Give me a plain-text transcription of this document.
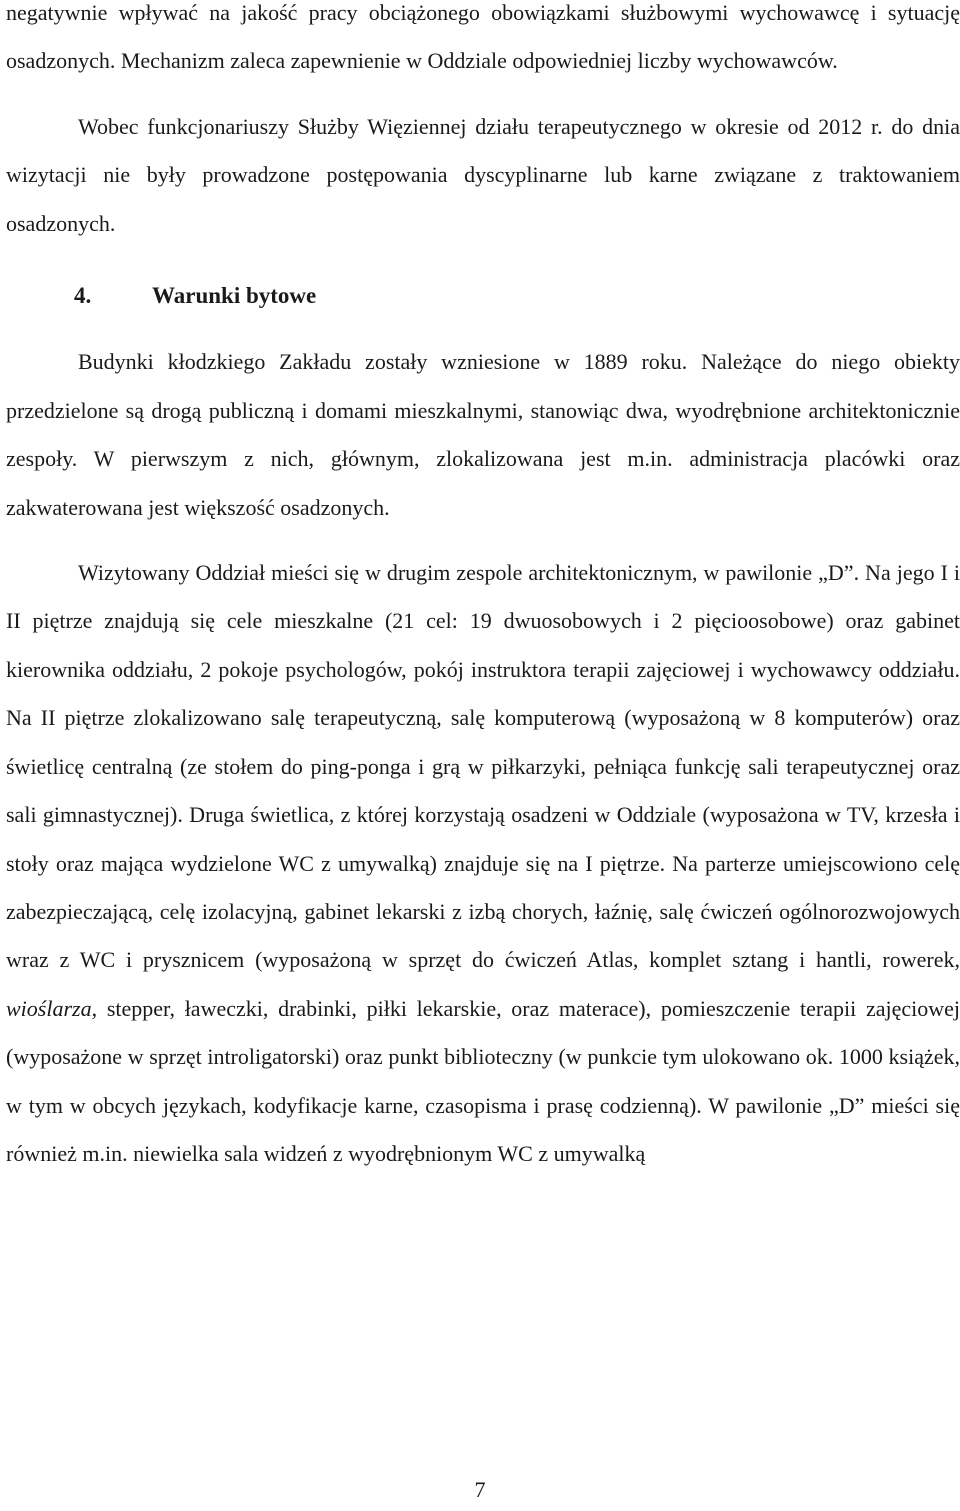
negatywnie wpływać na jakość pracy obciążonego obowiązkami służbowymi wychowawcę i sytuację osadzonych. Mechanizm zaleca zapewnienie w Oddziale odpowiedniej liczby wychowawców.

Wobec funkcjonariuszy Służby Więziennej działu terapeutycznego w okresie od 2012 r. do dnia wizytacji nie były prowadzone postępowania dyscyplinarne lub karne związane z traktowaniem osadzonych.

4.	Warunki bytowe

Budynki kłodzkiego Zakładu zostały wzniesione w 1889 roku. Należące do niego obiekty przedzielone są drogą publiczną i domami mieszkalnymi, stanowiąc dwa, wyodrębnione architektonicznie zespoły. W pierwszym z nich, głównym, zlokalizowana jest m.in. administracja placówki oraz zakwaterowana jest większość osadzonych.

Wizytowany Oddział mieści się w drugim zespole architektonicznym, w pawilonie „D”. Na jego I i II piętrze znajdują się cele mieszkalne (21 cel: 19 dwuosobowych i 2 pięcioosobowe) oraz gabinet kierownika oddziału, 2 pokoje psychologów, pokój instruktora terapii zajęciowej i wychowawcy oddziału. Na II piętrze zlokalizowano salę terapeutyczną, salę komputerową (wyposażoną w 8 komputerów) oraz świetlicę centralną (ze stołem do ping-ponga i grą w piłkarzyki, pełniąca funkcję sali terapeutycznej oraz sali gimnastycznej). Druga świetlica, z której korzystają osadzeni w Oddziale (wyposażona w TV, krzesła i stoły oraz mająca wydzielone WC z umywalką) znajduje się na I piętrze. Na parterze umiejscowiono celę zabezpieczającą, celę izolacyjną, gabinet lekarski z izbą chorych, łaźnię, salę ćwiczeń ogólnorozwojowych wraz z WC i prysznicem (wyposażoną w sprzęt do ćwiczeń Atlas, komplet sztang i hantli, rowerek, wioślarza, stepper, ławeczki, drabinki, piłki lekarskie, oraz materace), pomieszczenie terapii zajęciowej (wyposażone w sprzęt introligatorski) oraz punkt biblioteczny (w punkcie tym ulokowano ok. 1000 książek, w tym w obcych językach, kodyfikacje karne, czasopisma i prasę codzienną). W pawilonie „D” mieści się również m.in. niewielka sala widzeń z wyodrębnionym WC z umywalką

7
